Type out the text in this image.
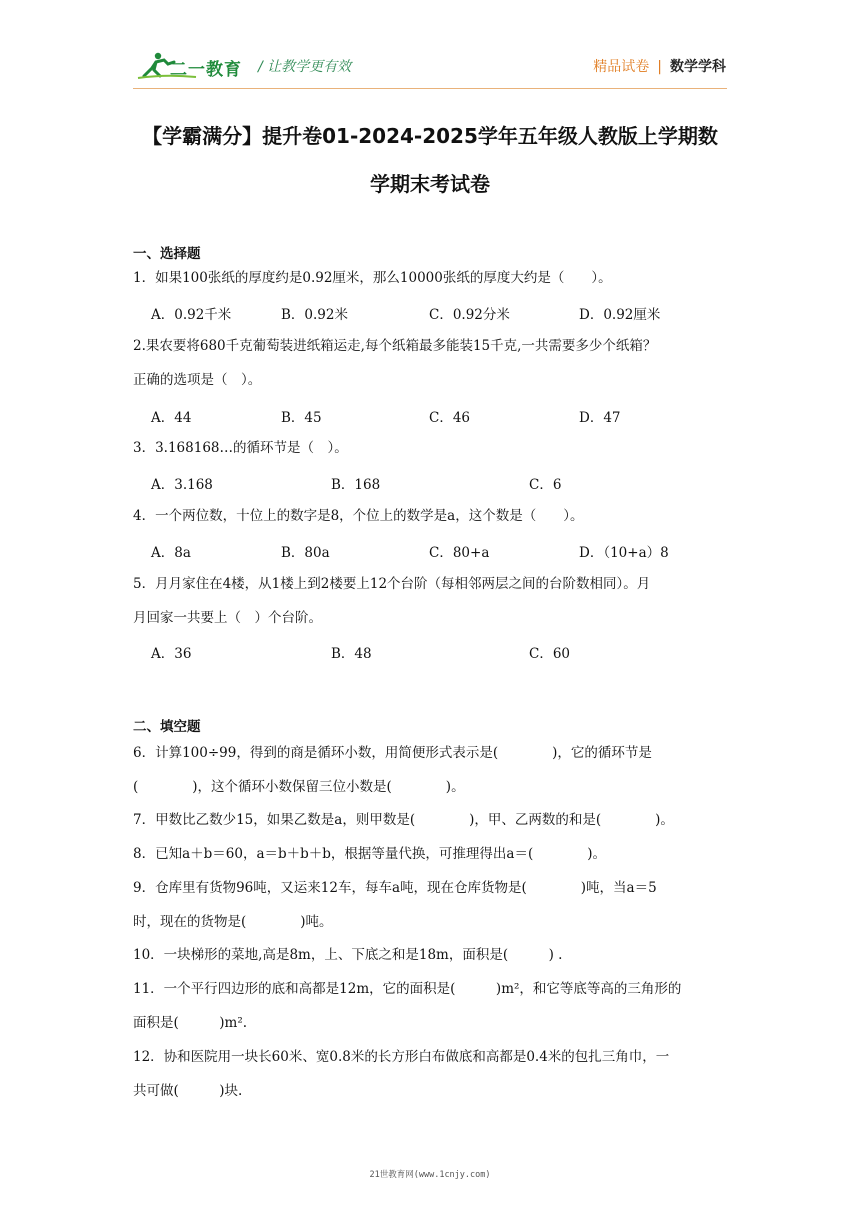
二一教育 / 让教学更有效	精品试卷 | 数学学科
【学霸满分】提升卷01-2024-2025学年五年级人教版上学期数
学期末考试卷
一、选择题
1．如果100张纸的厚度约是0.92厘米，那么10000张纸的厚度大约是（　　）。
A．0.92千米	B．0.92米	C．0.92分米	D．0.92厘米
2.果农要将680千克葡萄装进纸箱运走,每个纸箱最多能装15千克,一共需要多少个纸箱？
正确的选项是（　）。
A．44	B．45	C．46	D．47
3．3.168168…的循环节是（　）。
A．3.168	B．168	C．6
4．一个两位数，十位上的数字是8，个位上的数学是a，这个数是（　　）。
A．8a	B．80a	C．80+a	D．（10+a）8
5．月月家住在4楼，从1楼上到2楼要上12个台阶（每相邻两层之间的台阶数相同）。月
月回家一共要上（　）个台阶。
A．36	B．48	C．60
二、填空题
6．计算100÷99，得到的商是循环小数，用简便形式表示是(　　　　)，它的循环节是
(　　　　)，这个循环小数保留三位小数是(　　　　)。
7．甲数比乙数少15，如果乙数是a，则甲数是(　　　　)，甲、乙两数的和是(　　　　)。
8．已知a＋b＝60，a＝b＋b＋b，根据等量代换，可推理得出a＝(　　　　)。
9．仓库里有货物96吨，又运来12车，每车a吨，现在仓库货物是(　　　　)吨，当a＝5
时，现在的货物是(　　　　)吨。
10．一块梯形的菜地,高是8m，上、下底之和是18m，面积是(　　　) .
11．一个平行四边形的底和高都是12m，它的面积是(　　　)m²，和它等底等高的三角形的
面积是(　　　)m².
12．协和医院用一块长60米、宽0.8米的长方形白布做底和高都是0.4米的包扎三角巾，一
共可做(　　　)块.
21世教育网(www.1cnjy.com)
